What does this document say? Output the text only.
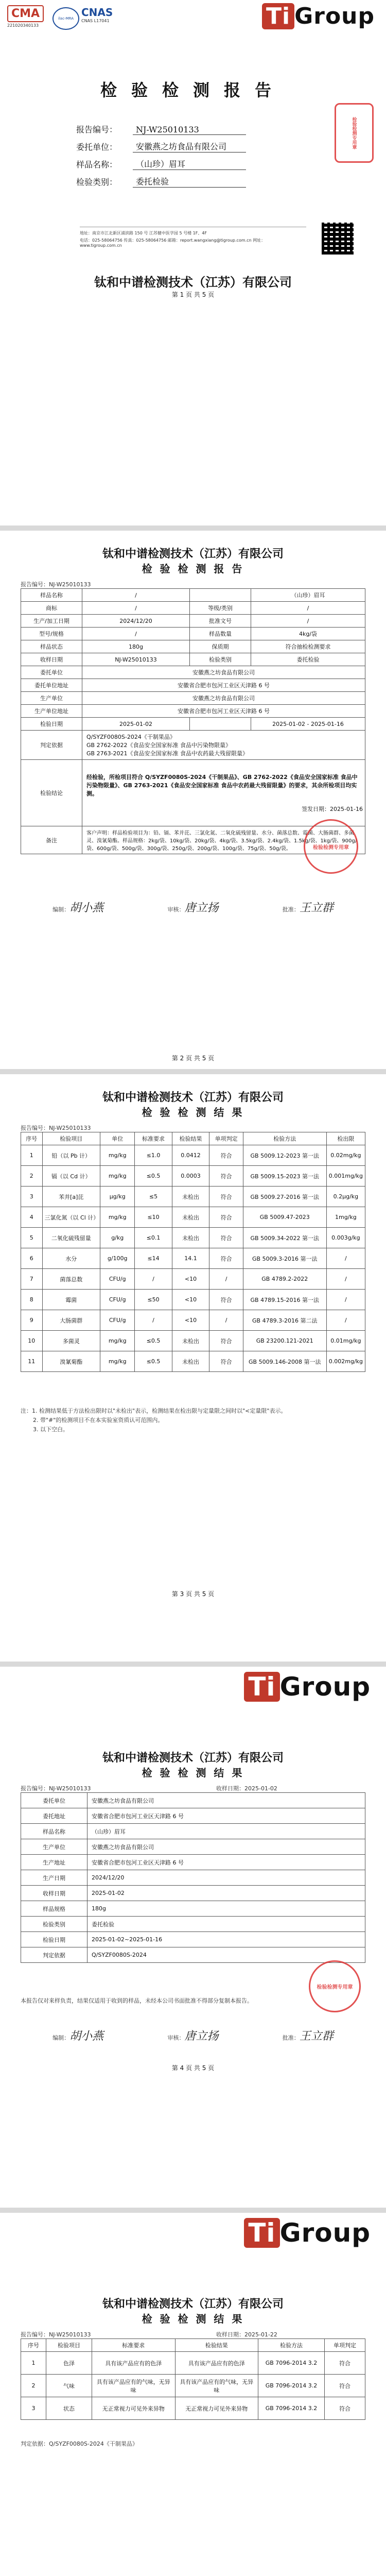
CMA
221020340133
ilac-MRA CNAS
CNAS L17041	Ti Group
检验检测报告
检验检测专用章
报告编号：	NJ-W25010133
委托单位：	安徽燕之坊食品有限公司
样品名称：	（山珍）眉耳
检验类别：	委托检验
地址：南京市江北新区浦滨路 150 号 江苏健中医学园 5 号楼 1F、4F
电话：025-58064756 传真：025-58064756 邮箱：report.wangxiang@tigroup.com.cn 网址：www.tigroup.com.cn
钛和中谱检测技术（江苏）有限公司
第 1 页 共 5 页
钛和中谱检测技术（江苏）有限公司
检 验 检 测 报 告
报告编号：NJ-W25010133
样品名称	/		（山珍）眉耳
商标	/	等级/类别	/
生产/加工日期	2024/12/20	批准文号	/
型号/规格	/	样品数量	4kg/袋
样品状态	180g	保质期	符合抽检检测要求
收样日期	NJ-W25010133	检验类别	委托检验
委托单位	安徽燕之坊食品有限公司		
委托单位地址	安徽省合肥市包河工业区天津路 6 号		
生产单位	安徽燕之坊食品有限公司		
生产单位地址	安徽省合肥市包河工业区天津路 6 号		
检验日期	2025-01-02		2025-01-02 - 2025-01-16
判定依据	Q/SYZF0080S-2024《干制果品》
GB 2762-2022《食品安全国家标准 食品中污染物限量》
GB 2763-2021《食品安全国家标准 食品中农药最大残留限量》		
检验结论	经检验，所检项目符合 Q/SYZF0080S-2024《干制果品》、GB 2762-2022《食品安全国家标准 食品中污染物限量》、GB 2763-2021《食品安全国家标准 食品中农药最大残留限量》的要求，其余所检项目均实测。
签发日期：2025-01-16		

备注	客户声明：样品检验项目为：铅、镉、苯并芘、三氯化氮、二氧化硫残留量、水分、菌落总数、霉菌、大肠菌群、多菌灵、溴氰菊酯。样品规格：2kg/袋、10kg/袋、20kg/袋、4kg/袋、3.5kg/袋、2.4kg/袋、1.5kg/袋、1kg/袋、900g/袋、600g/袋、500g/袋、300g/袋、250g/袋、200g/袋、100g/袋、75g/袋、50g/袋。			检验检测专用章
编制：胡小燕	审核：唐立扬	批准：王立群
第 2 页 共 5 页
钛和中谱检测技术（江苏）有限公司
检 验 检 测 结 果
报告编号：NJ-W25010133
序号	检验项目	单位	标准要求	检验结果	单项判定	检验方法	检出限
1	铅（以 Pb 计）	mg/kg	≤1.0	0.0412	符合	GB 5009.12-2023 第一法	0.02mg/kg
2	镉（以 Cd 计）	mg/kg	≤0.5	0.0003	符合	GB 5009.15-2023 第一法	0.001mg/kg
3	苯并[a]芘	μg/kg	≤5	未检出	符合	GB 5009.27-2016 第一法	0.2μg/kg
4	三氯化氮（以 Cl 计）	mg/kg	≤10	未检出	符合	GB 5009.47-2023	1mg/kg
5	二氧化硫残留量	g/kg	≤0.1	未检出	符合	GB 5009.34-2022 第一法	0.003g/kg
6	水分	g/100g	≤14	14.1	符合	GB 5009.3-2016 第一法	/
7	菌落总数	CFU/g	/	<10	/	GB 4789.2-2022	/
8	霉菌	CFU/g	≤50	<10	符合	GB 4789.15-2016 第一法	/
9	大肠菌群	CFU/g	/	<10	/	GB 4789.3-2016 第二法	/
10	多菌灵	mg/kg	≤0.5	未检出	符合	GB 23200.121-2021	0.01mg/kg
11	溴氰菊酯	mg/kg	≤0.5	未检出	符合	GB 5009.146-2008 第一法	0.002mg/kg
注：1. 检测结果低于方法检出限时以"未检出"表示，检测结果在检出限与定量限之间时以"<定量限"表示。
2. 带"#"的检测项目不在本实验室资质认可范围内。
3. 以下空白。
第 3 页 共 5 页
Ti Group
钛和中谱检测技术（江苏）有限公司
检 验 检 测 结 果
报告编号：NJ-W25010133	收样日期：2025-01-02
委托单位	安徽燕之坊食品有限公司
委托地址	安徽省合肥市包河工业区天津路 6 号
样品名称	（山珍）眉耳
生产单位	安徽燕之坊食品有限公司
生产地址	安徽省合肥市包河工业区天津路 6 号
生产日期	2024/12/20
收样日期	2025-01-02
样品规格	180g
检验类别	委托检验
检验日期	2025-01-02~2025-01-16
判定依据	Q/SYZF0080S-2024
本报告仅对来样负责，结果仅适用于收到的样品，未经本公司书面批准不得部分复制本报告。
检验检测专用章
编制：胡小燕	审核：唐立扬	批准：王立群
第 4 页 共 5 页
Ti Group
钛和中谱检测技术（江苏）有限公司
检 验 检 测 结 果
报告编号：NJ-W25010133	收样日期：2025-01-22
序号	检验项目	标准要求	检验结果	检验方法	单项判定
1	色泽	具有该产品应有的色泽	具有该产品应有的色泽	GB 7096-2014 3.2	符合
2	气味	具有该产品应有的气味，无异味	具有该产品应有的气味，无异味	GB 7096-2014 3.2	符合
3	状态	无正常视力可见外来异物	无正常视力可见外来异物	GB 7096-2014 3.2	符合
判定依据：Q/SYZF0080S-2024《干制果品》
